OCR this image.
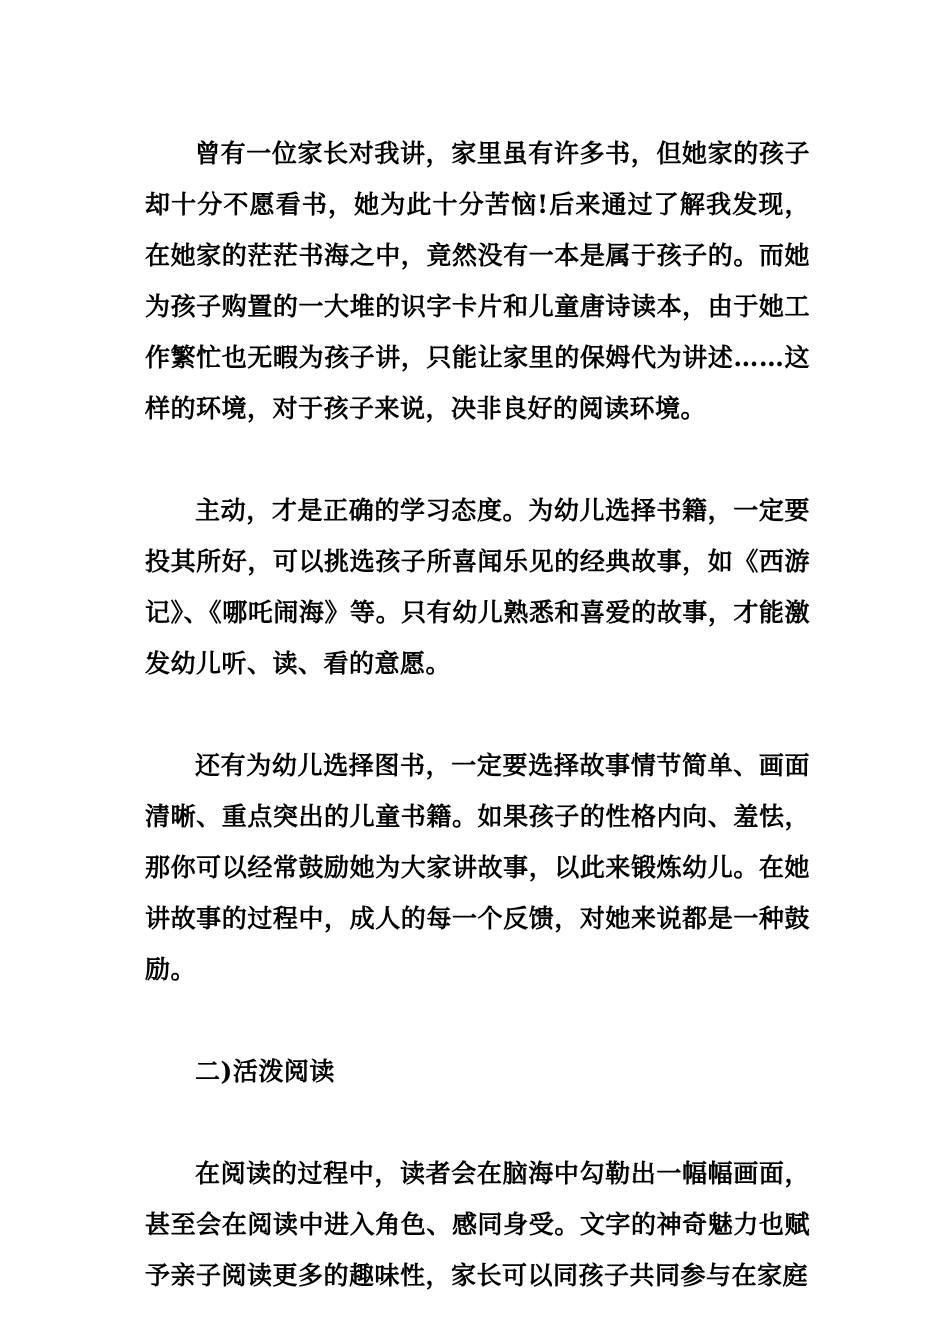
曾有一位家长对我讲，家里虽有许多书，但她家的孩子却十分不愿看书，她为此十分苦恼!后来通过了解我发现，在她家的茫茫书海之中，竟然没有一本是属于孩子的。而她为孩子购置的一大堆的识字卡片和儿童唐诗读本，由于她工作繁忙也无暇为孩子讲，只能让家里的保姆代为讲述……这样的环境，对于孩子来说，决非良好的阅读环境。

主动，才是正确的学习态度。为幼儿选择书籍，一定要投其所好，可以挑选孩子所喜闻乐见的经典故事，如《西游记》、《哪吒闹海》等。只有幼儿熟悉和喜爱的故事，才能激发幼儿听、读、看的意愿。

还有为幼儿选择图书，一定要选择故事情节简单、画面清晰、重点突出的儿童书籍。如果孩子的性格内向、羞怯，那你可以经常鼓励她为大家讲故事，以此来锻炼幼儿。在她讲故事的过程中，成人的每一个反馈，对她来说都是一种鼓励。

二)活泼阅读

在阅读的过程中，读者会在脑海中勾勒出一幅幅画面，甚至会在阅读中进入角色、感同身受。文字的神奇魅力也赋予亲子阅读更多的趣味性，家长可以同孩子共同参与在家庭
